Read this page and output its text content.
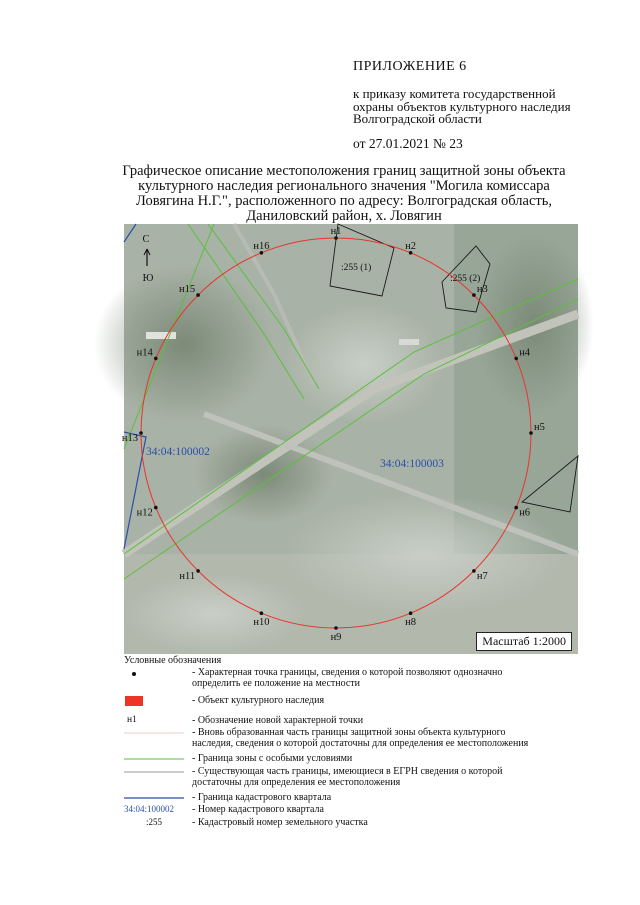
ПРИЛОЖЕНИЕ 6
к приказу комитета государственной
охраны объектов культурного наследия
Волгоградской области
от 27.01.2021 № 23
Графическое описание местоположения границ защитной зоны объекта
культурного наследия регионального значения "Могила комиссара
Ловягина Н.Г.", расположенного по адресу: Волгоградская область,
Даниловский район, х. Ловягин
н1
н2
н3
н4
н5
н6
н7
н8
н9
н10
н11
н12
н13
н14
н15
н16
34:04:100002
34:04:100003
:255 (1)
:255 (2)
С
Ю
Масштаб 1:2000
Условные обозначения
- Характерная точка границы, сведения о которой позволяют однозначно
определить ее положение на местности
- Объект культурного наследия
н1	- Обозначение новой характерной точки
- Вновь образованная часть границы защитной зоны объекта культурного
наследия, сведения о которой достаточны для определения ее местоположения
- Граница зоны с особыми условиями
- Существующая часть границы, имеющиеся в ЕГРН сведения о которой
достаточны для определения ее местоположения
- Граница кадастрового квартала
34:04:100002	- Номер кадастрового квартала
:255	- Кадастровый номер земельного участка
